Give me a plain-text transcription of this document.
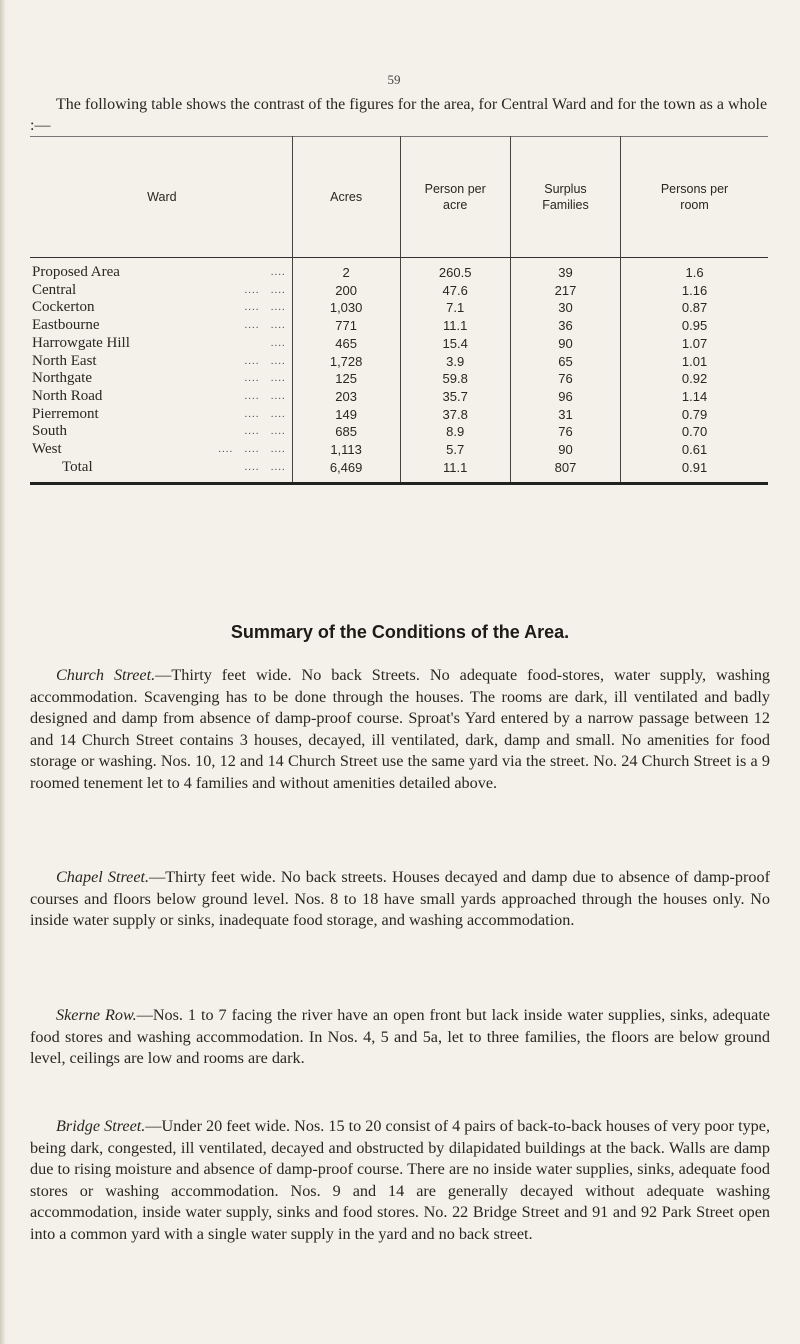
59

The following table shows the contrast of the figures for the area, for Central Ward and for the town as a whole :—

Ward	Acres	Person per acre	Surplus Families	Persons per room

Proposed Area ....	2	260.5	39	1.6

Central ....   ....	200	47.6	217	1.16

Cockerton ....   ....	1,030	7.1	30	0.87

Eastbourne ....   ....	771	11.1	36	0.95

Harrowgate Hill ....	465	15.4	90	1.07

North East ....   ....	1,728	3.9	65	1.01

Northgate ....   ....	125	59.8	76	0.92

North Road ....   ....	203	35.7	96	1.14

Pierremont ....   ....	149	37.8	31	0.79

South ....   ....	685	8.9	76	0.70

West ....   ....   ....	1,113	5.7	90	0.61

Total ....   ....	6,469	11.1	807	0.91
Summary of the Conditions of the Area.

Church Street.—Thirty feet wide. No back Streets. No adequate food-stores, water supply, washing accommodation. Scavenging has to be done through the houses. The rooms are dark, ill ventilated and badly designed and damp from absence of damp-proof course. Sproat's Yard entered by a narrow passage between 12 and 14 Church Street contains 3 houses, decayed, ill ventilated, dark, damp and small. No amenities for food storage or washing. Nos. 10, 12 and 14 Church Street use the same yard via the street. No. 24 Church Street is a 9 roomed tenement let to 4 families and without amenities detailed above.

Chapel Street.—Thirty feet wide. No back streets. Houses decayed and damp due to absence of damp-proof courses and floors below ground level. Nos. 8 to 18 have small yards approached through the houses only. No inside water supply or sinks, inadequate food storage, and washing accommodation.

Skerne Row.—Nos. 1 to 7 facing the river have an open front but lack inside water supplies, sinks, adequate food stores and washing accommodation. In Nos. 4, 5 and 5a, let to three families, the floors are below ground level, ceilings are low and rooms are dark.

Bridge Street.—Under 20 feet wide. Nos. 15 to 20 consist of 4 pairs of back-to-back houses of very poor type, being dark, congested, ill ventilated, decayed and obstructed by dilapidated buildings at the back. Walls are damp due to rising moisture and absence of damp-proof course. There are no inside water supplies, sinks, adequate food stores or washing accommodation. Nos. 9 and 14 are generally decayed without adequate washing accommodation, inside water supply, sinks and food stores. No. 22 Bridge Street and 91 and 92 Park Street open into a common yard with a single water supply in the yard and no back street.
